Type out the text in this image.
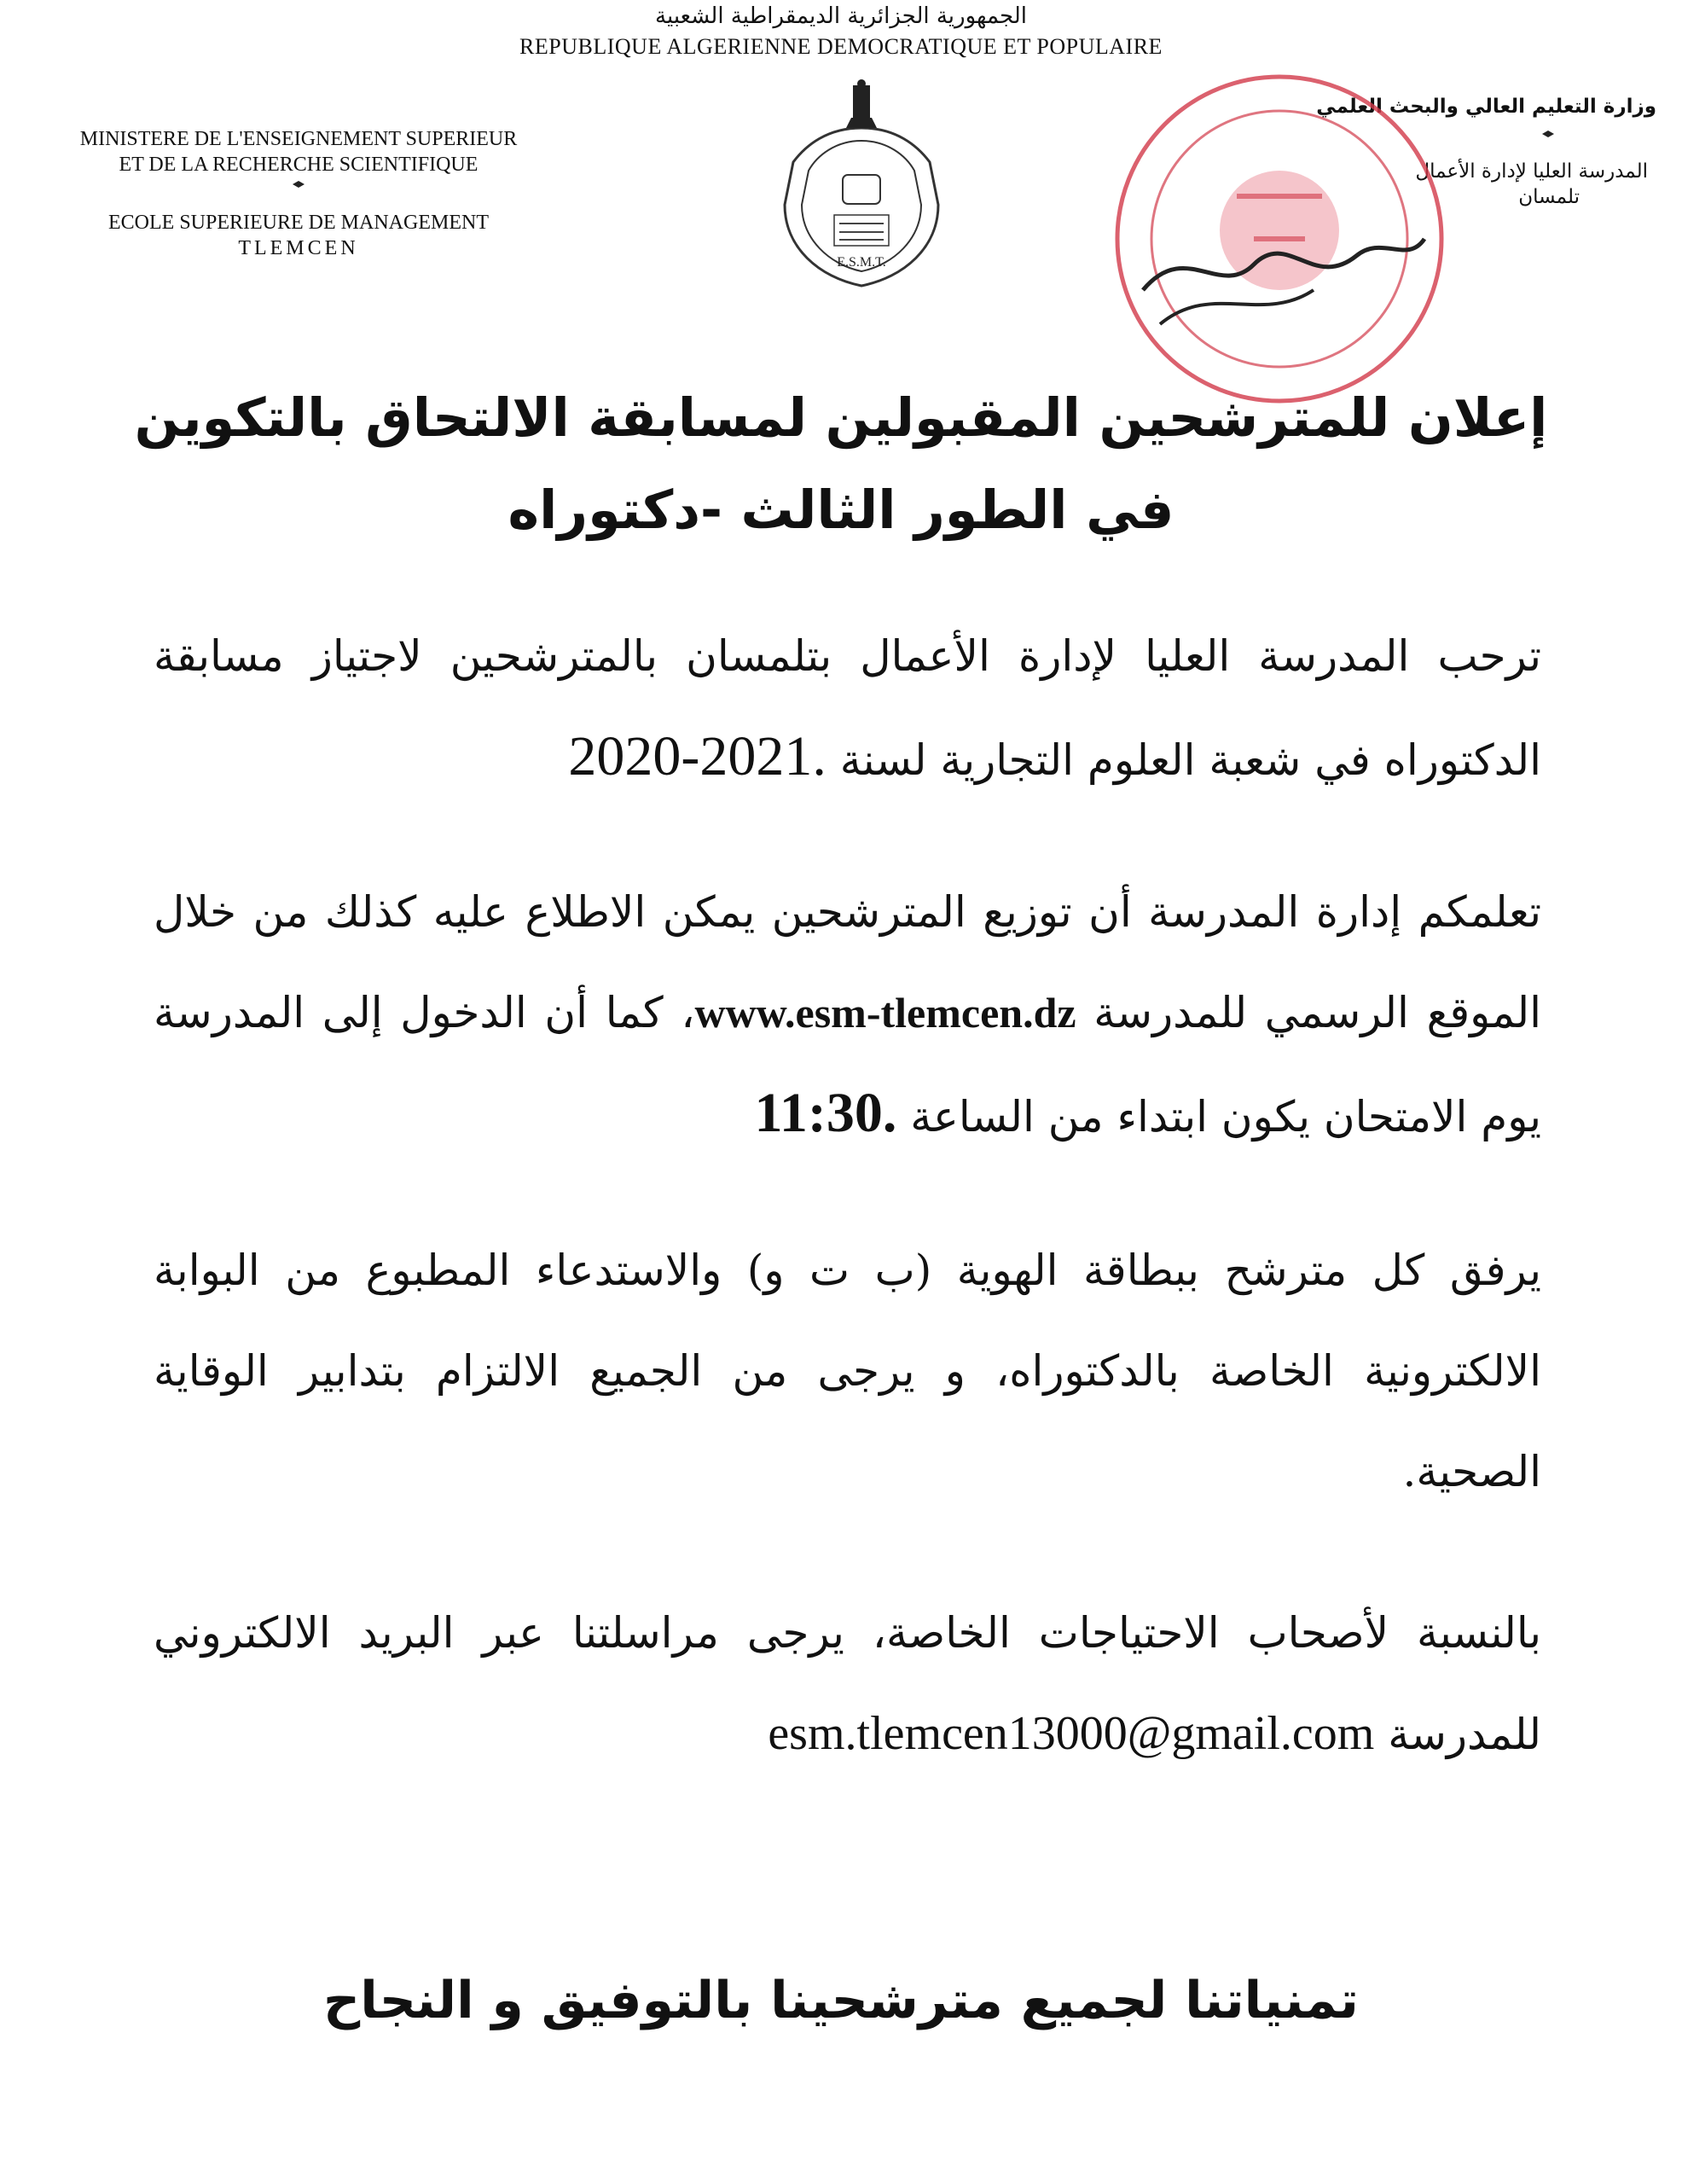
الجمهورية الجزائرية الديمقراطية الشعبية
REPUBLIQUE ALGERIENNE DEMOCRATIQUE ET POPULAIRE
MINISTERE DE L'ENSEIGNEMENT SUPERIEUR
ET DE LA RECHERCHE SCIENTIFIQUE
ECOLE SUPERIEURE DE MANAGEMENT
TLEMCEN
وزارة التعليم العالي والبحث العلمي
المدرسة العليا لإدارة الأعمال
تلمسان
E.S.M.T.
إعلان للمترشحين المقبولين لمسابقة الالتحاق بالتكوين
في الطور الثالث -دكتوراه
ترحب المدرسة العليا لإدارة الأعمال بتلمسان بالمترشحين لاجتياز مسابقة الدكتوراه في شعبة العلوم التجارية لسنة 2020-2021.
تعلمكم إدارة المدرسة أن توزيع المترشحين يمكن الاطلاع عليه كذلك من خلال الموقع الرسمي للمدرسة www.esm-tlemcen.dz، كما أن الدخول إلى المدرسة يوم الامتحان يكون ابتداء من الساعة 11:30.
يرفق كل مترشح ببطاقة الهوية (ب ت و) والاستدعاء المطبوع من البوابة الالكترونية الخاصة بالدكتوراه، و يرجى من الجميع الالتزام بتدابير الوقاية الصحية.
بالنسبة لأصحاب الاحتياجات الخاصة، يرجى مراسلتنا عبر البريد الالكتروني للمدرسة esm.tlemcen13000@gmail.com
تمنياتنا لجميع مترشحينا بالتوفيق و النجاح
